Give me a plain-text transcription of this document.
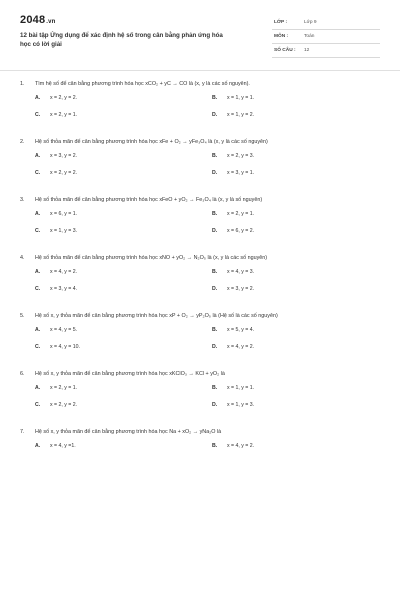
2048.vn
12 bài tập Ứng dụng để xác định hệ số trong cân bằng phản ứng hóa học có lời giải
LỚP :	Lớp 9
MÔN :	Toán
SỐ CÂU : 12
1. Tìm hệ số để cân bằng phương trình hóa học xCO₂ + yC → CO là (x, y là các số nguyên).
A.	x = 2, y = 2.	B.	x = 1, y = 1.
C.	x = 2, y = 1.	D.	x = 1, y = 2.
2. Hệ số thỏa mãn để cân bằng phương trình hóa học xFe + O₂ → yFe₃O₄ là (x, y là các số nguyên)
A.	x = 3, y = 2.	B.	x = 2, y = 3.
C.	x = 2, y = 2.	D.	x = 3, y = 1.
3. Hệ số thỏa mãn để cân bằng phương trình hóa học xFeO + yO₂ → Fe₃O₄ là (x, y là số nguyên)
A.	x = 6, y = 1.	B.	x = 2, y = 1.
C.	x = 1, y = 3.	D.	x = 6, y = 2.
4. Hệ số thỏa mãn để cân bằng phương trình hóa học xNO + yO₂ → N₂O₅ là (x, y là các số nguyên)
A.	x = 4, y = 2.	B.	x = 4, y = 3.
C.	x = 3, y = 4.	D.	x = 3, y = 2.
5. Hệ số x, y thỏa mãn để cân bằng phương trình hóa học xP + O₂ → yP₂O₅ là (Hệ số là các số nguyên)
A.	x = 4, y = 5.	B.	x = 5, y = 4.
C.	x = 4, y = 10.	D.	x = 4, y = 2.
6. Hệ số x, y thỏa mãn để cân bằng phương trình hóa học xKClO₃ → KCl + yO₂ là
A.	x = 2, y = 1.	B.	x = 1, y = 1.
C.	x = 2, y = 2.	D.	x = 1, y = 3.
7. Hệ số x, y thỏa mãn để cân bằng phương trình hóa học Na + xO₂ → yNa₂O là
A.	x = 4, y =1.	B.	x = 4, y = 2.
